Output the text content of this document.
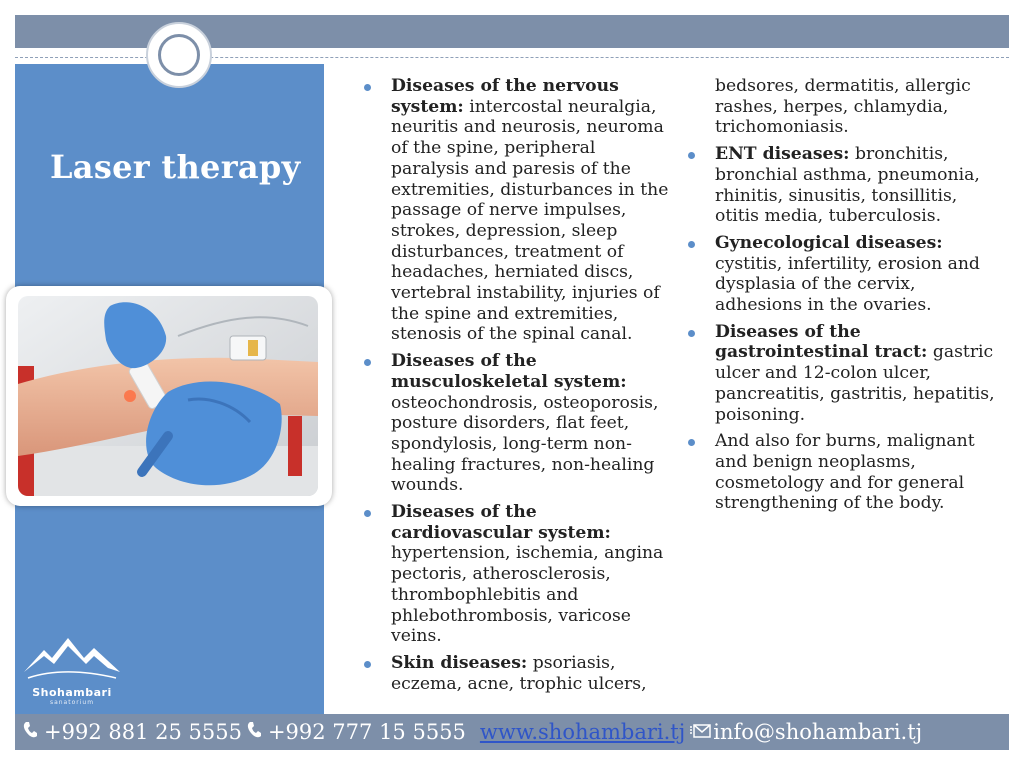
Laser therapy
Shohambari
sanatorium
Diseases of the nervous system: intercostal neuralgia, neuritis and neurosis, neuroma of the spine, peripheral paralysis and paresis of the extremities, disturbances in the passage of nerve impulses, strokes, depression, sleep disturbances, treatment of headaches, herniated discs, vertebral instability, injuries of the spine and extremities, stenosis of the spinal canal.
Diseases of the musculoskeletal system: osteochondrosis, osteoporosis, posture disorders, flat feet, spondylosis, long-term non-healing fractures, non-healing wounds.
Diseases of the cardiovascular system: hypertension, ischemia, angina pectoris, atherosclerosis, thrombophlebitis and phlebothrombosis, varicose veins.
Skin diseases: psoriasis, eczema, acne, trophic ulcers, bedsores, dermatitis, allergic rashes, herpes, chlamydia, trichomoniasis.
ENT diseases: bronchitis, bronchial asthma, pneumonia, rhinitis, sinusitis, tonsillitis, otitis media, tuberculosis.
Gynecological diseases: cystitis, infertility, erosion and dysplasia of the cervix, adhesions in the ovaries.
Diseases of the gastrointestinal tract: gastric ulcer and 12-colon ulcer, pancreatitis, gastritis, hepatitis, poisoning.
And also for burns, malignant and benign neoplasms, cosmetology and for general strengthening of the body.
+992 881 25 5555 +992 777 15 5555 www.shohambari.tj info@shohambari.tj
